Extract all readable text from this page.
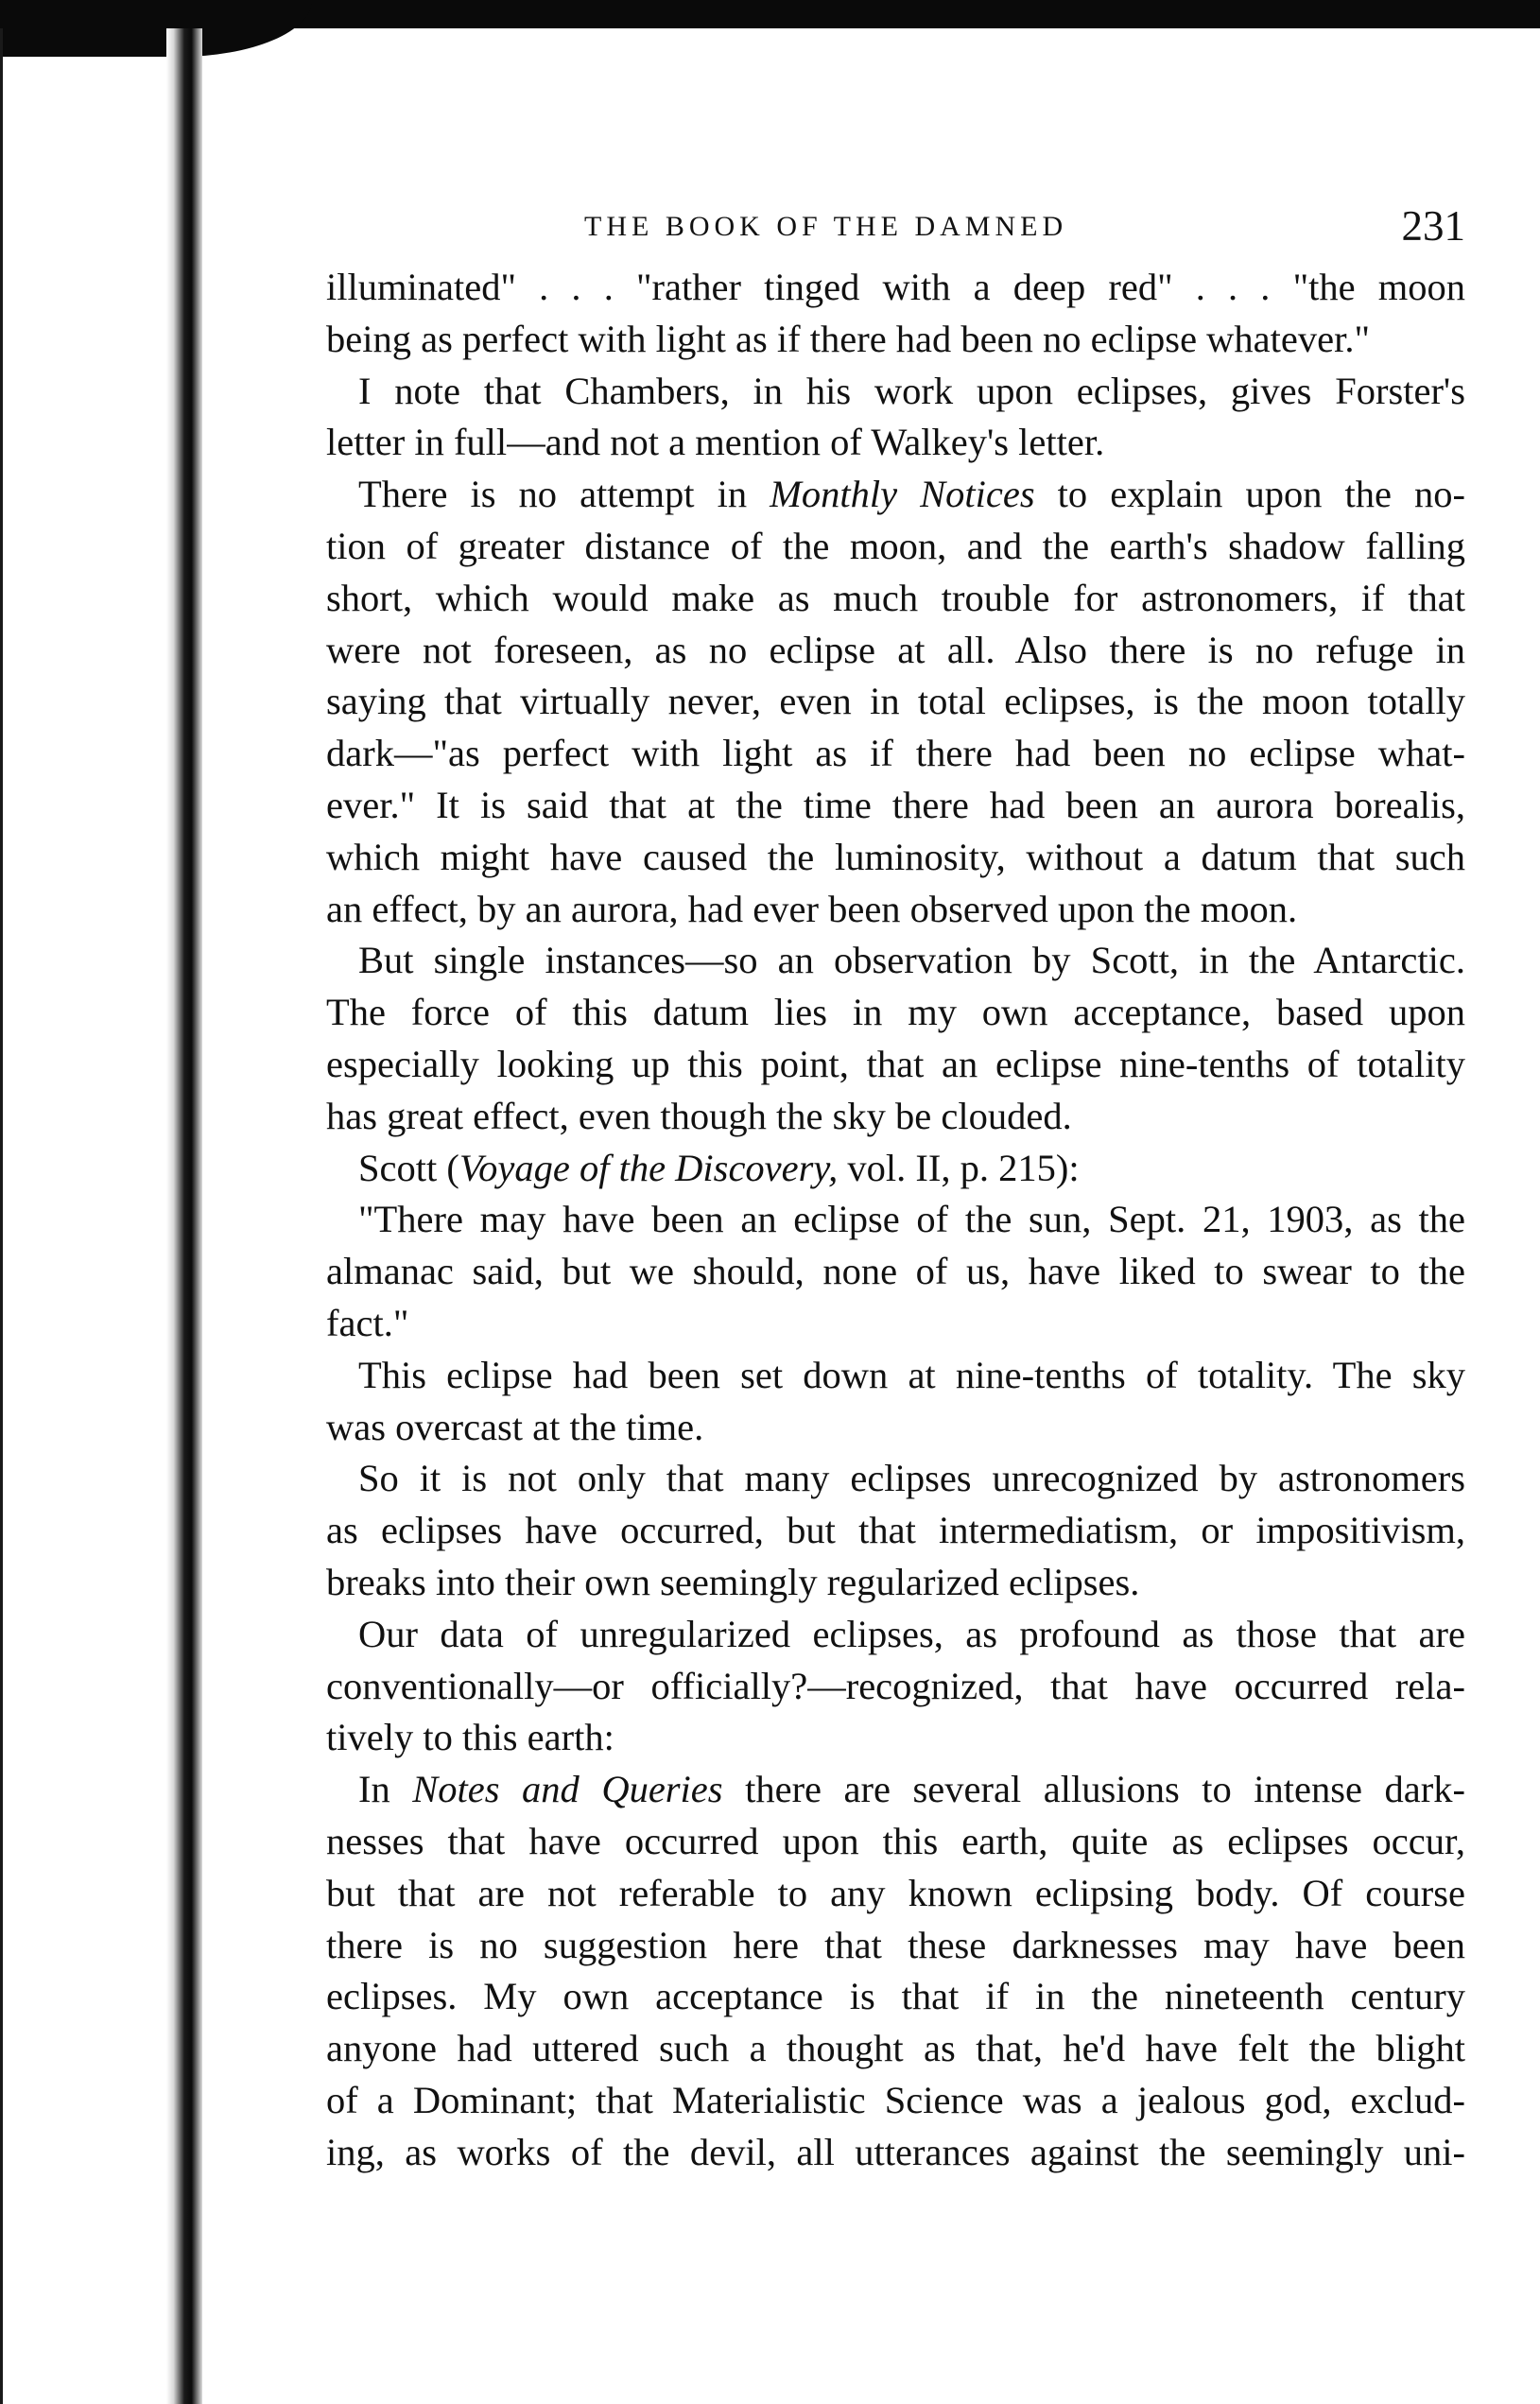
THE BOOK OF THE DAMNED	231

illuminated" . . . "rather tinged with a deep red" . . . "the moon

being as perfect with light as if there had been no eclipse whatever."

I note that Chambers, in his work upon eclipses, gives Forster's

letter in full—and not a mention of Walkey's letter.

There is no attempt in Monthly Notices to explain upon the no-

tion of greater distance of the moon, and the earth's shadow falling

short, which would make as much trouble for astronomers, if that

were not foreseen, as no eclipse at all. Also there is no refuge in

saying that virtually never, even in total eclipses, is the moon totally

dark—"as perfect with light as if there had been no eclipse what-

ever." It is said that at the time there had been an aurora borealis,

which might have caused the luminosity, without a datum that such

an effect, by an aurora, had ever been observed upon the moon.

But single instances—so an observation by Scott, in the Antarctic.

The force of this datum lies in my own acceptance, based upon

especially looking up this point, that an eclipse nine-tenths of totality

has great effect, even though the sky be clouded.

Scott (Voyage of the Discovery, vol. II, p. 215):

"There may have been an eclipse of the sun, Sept. 21, 1903, as the

almanac said, but we should, none of us, have liked to swear to the

fact."

This eclipse had been set down at nine-tenths of totality. The sky

was overcast at the time.

So it is not only that many eclipses unrecognized by astronomers

as eclipses have occurred, but that intermediatism, or impositivism,

breaks into their own seemingly regularized eclipses.

Our data of unregularized eclipses, as profound as those that are

conventionally—or officially?—recognized, that have occurred rela-

tively to this earth:

In Notes and Queries there are several allusions to intense dark-

nesses that have occurred upon this earth, quite as eclipses occur,

but that are not referable to any known eclipsing body. Of course

there is no suggestion here that these darknesses may have been

eclipses. My own acceptance is that if in the nineteenth century

anyone had uttered such a thought as that, he'd have felt the blight

of a Dominant; that Materialistic Science was a jealous god, exclud-

ing, as works of the devil, all utterances against the seemingly uni-
